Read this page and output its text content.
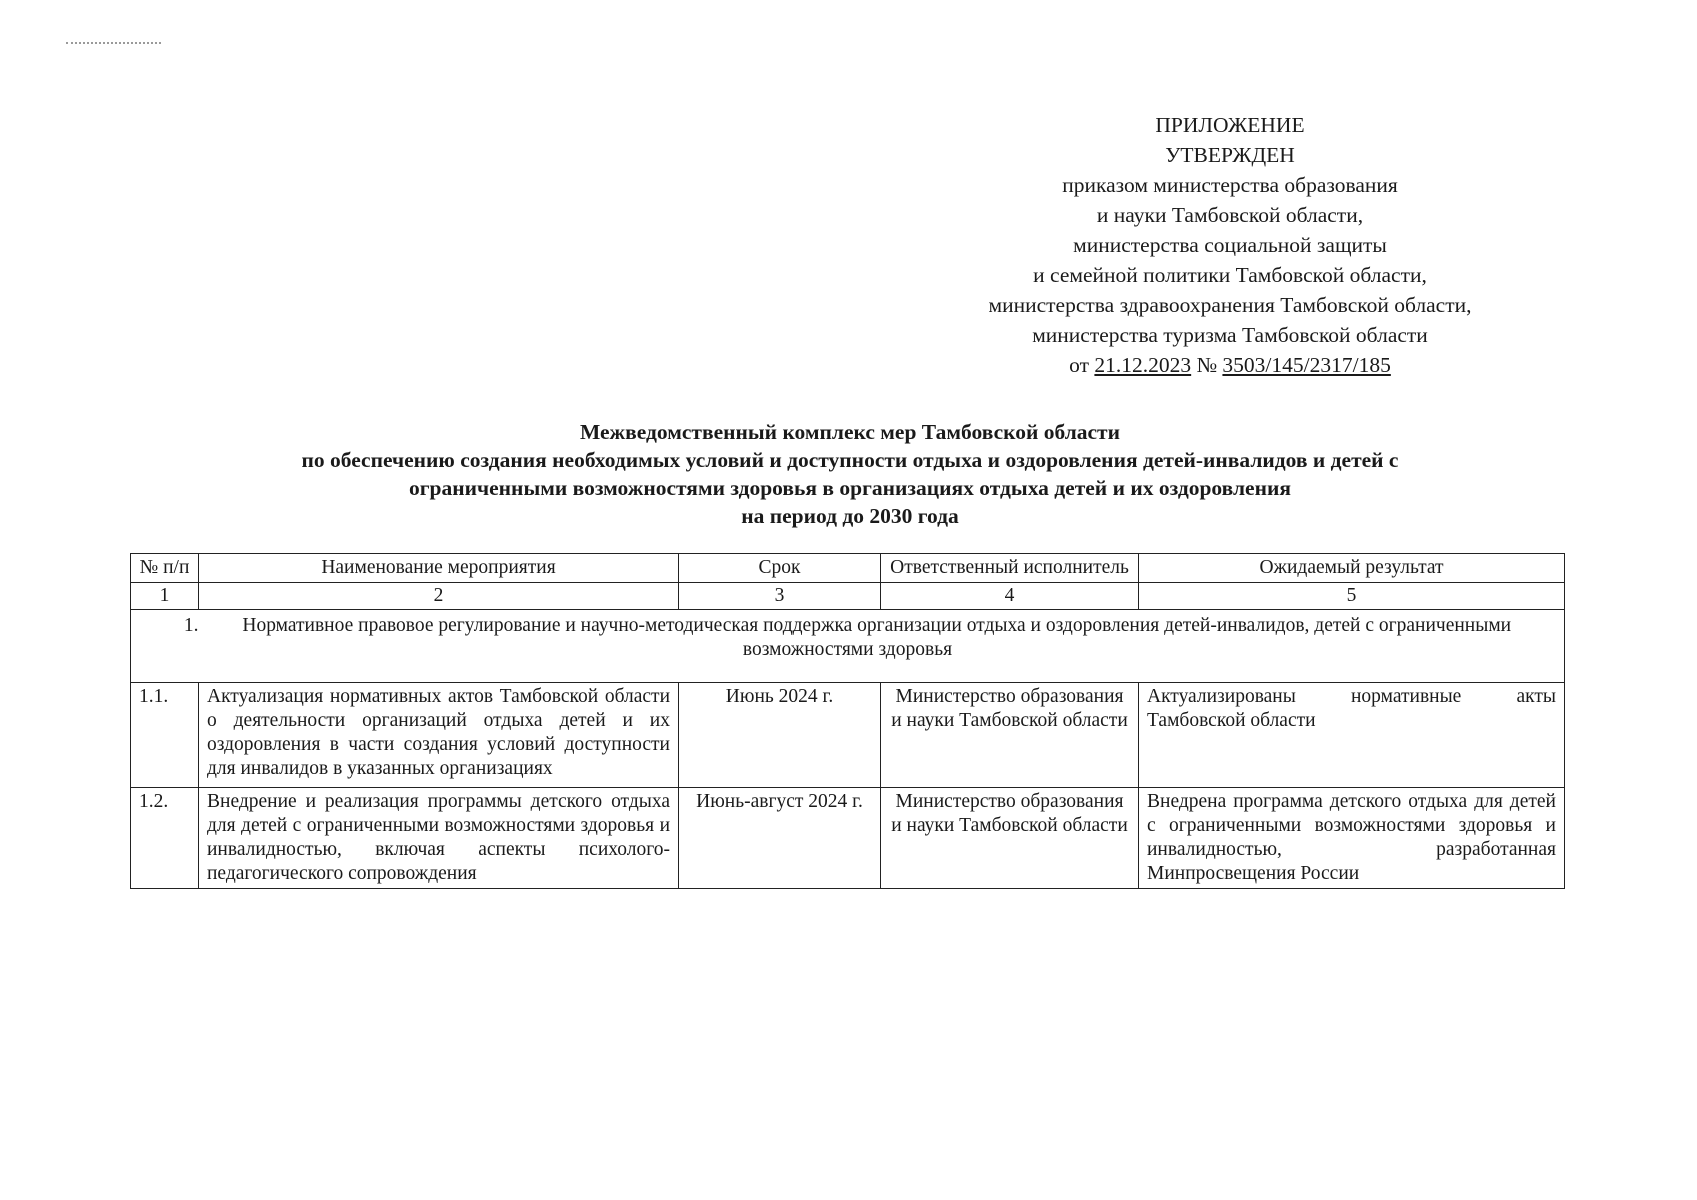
ПРИЛОЖЕНИЕ
УТВЕРЖДЕН
приказом министерства образования
и науки Тамбовской области,
министерства социальной защиты
и семейной политики Тамбовской области,
министерства здравоохранения Тамбовской области,
министерства туризма Тамбовской области
от 21.12.2023 № 3503/145/2317/185
Межведомственный комплекс мер Тамбовской области
по обеспечению создания необходимых условий и доступности отдыха и оздоровления детей-инвалидов и детей с
ограниченными возможностями здоровья в организациях отдыха детей и их оздоровления
на период до 2030 года
№ п/п	Наименование мероприятия	Срок	Ответственный исполнитель	Ожидаемый результат
1	2	3	4	5
1. Нормативное правовое регулирование и научно-методическая поддержка организации отдыха и оздоровления детей-инвалидов, детей с ограниченными возможностями здоровья				
1.1.	Актуализация нормативных актов Тамбовской области о деятельности организаций отдыха детей и их оздоровления в части создания условий доступности для инвалидов в указанных организациях	Июнь 2024 г.	Министерство образования и науки Тамбовской области	Актуализированы нормативные акты Тамбовской области
1.2.	Внедрение и реализация программы детского отдыха для детей с ограниченными возможностями здоровья и инвалидностью, включая аспекты психолого-педагогического сопровождения	Июнь-август 2024 г.	Министерство образования и науки Тамбовской области	Внедрена программа детского отдыха для детей с ограниченными возможностями здоровья и инвалидностью, разработанная Минпросвещения России
